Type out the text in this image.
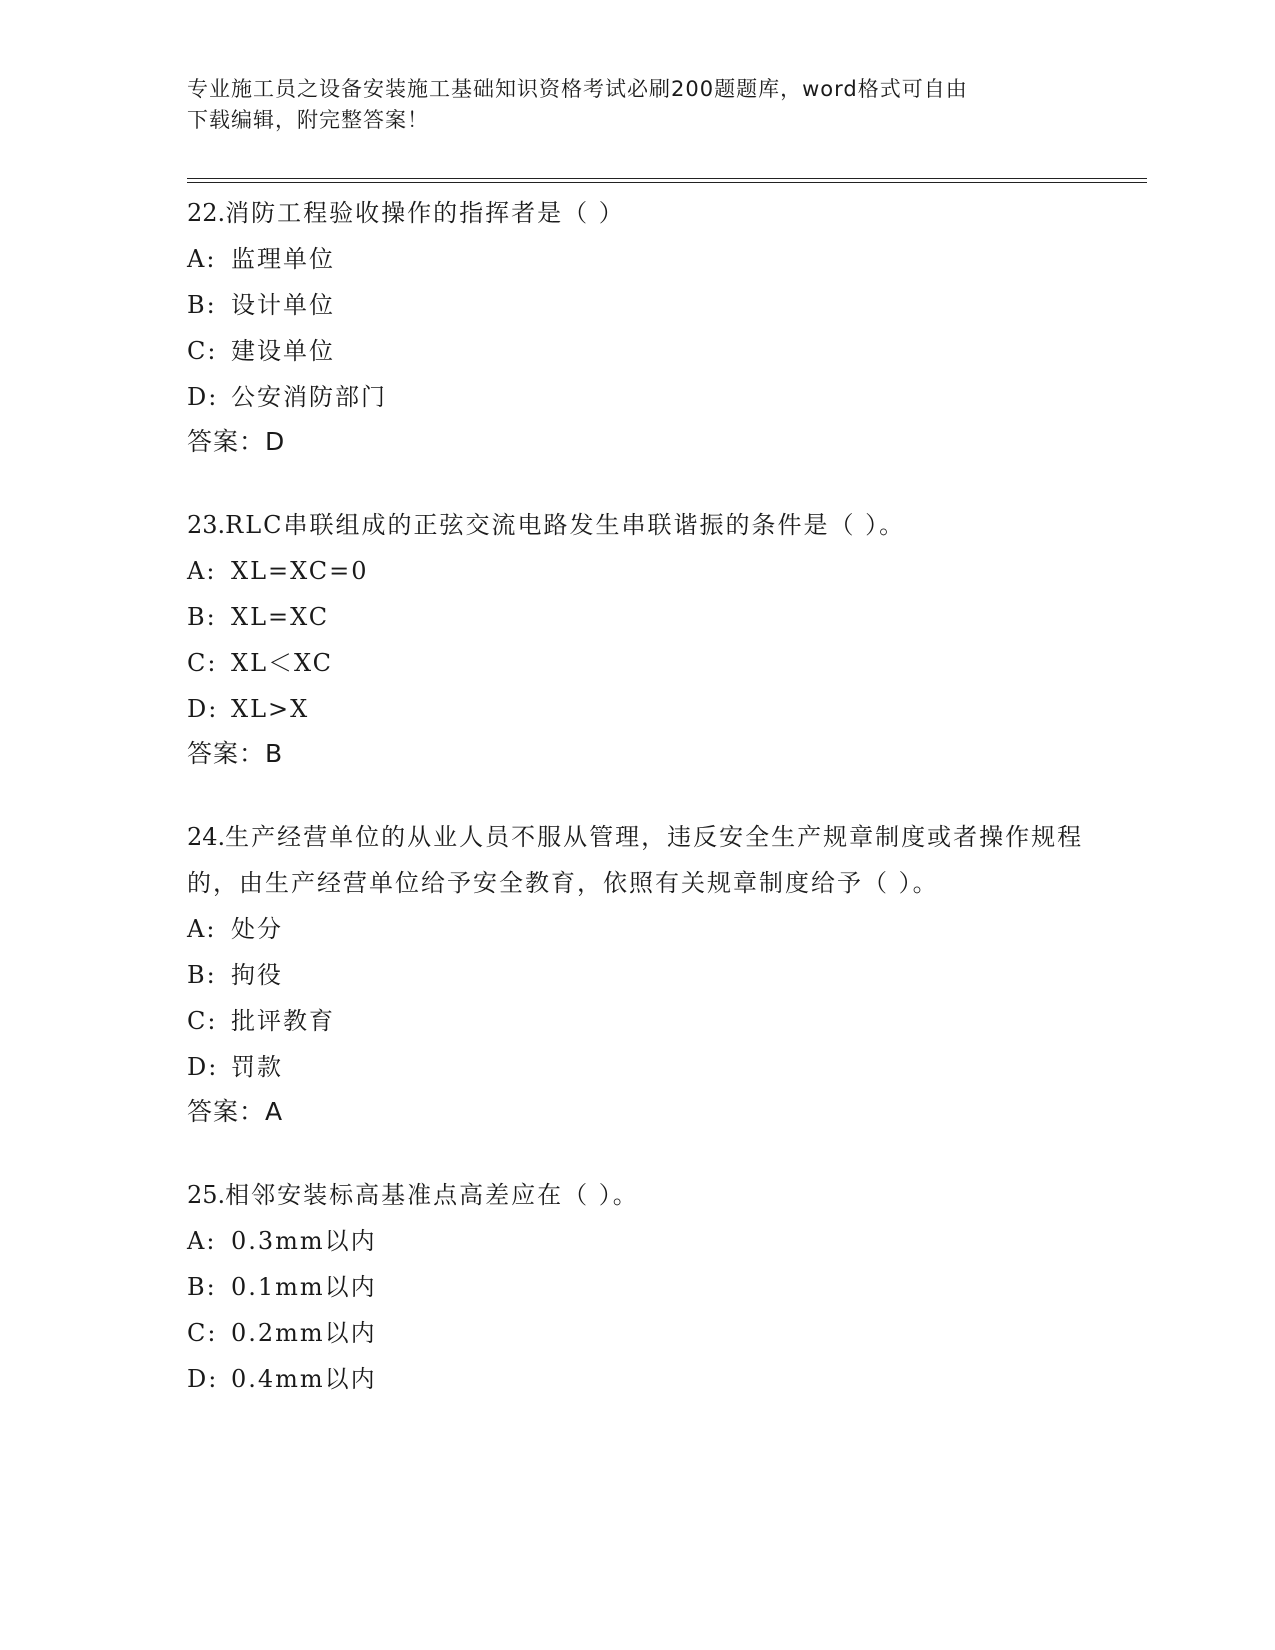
专业施工员之设备安装施工基础知识资格考试必刷200题题库，word格式可自由
下载编辑，附完整答案！
22.消防工程验收操作的指挥者是（ ）
A: 监理单位
B: 设计单位
C: 建设单位
D: 公安消防部门
答案：D
23.RLC串联组成的正弦交流电路发生串联谐振的条件是（ ）。
A: XL=XC=0
B: XL=XC
C: XL＜XC
D: XL>X
答案：B
24.生产经营单位的从业人员不服从管理，违反安全生产规章制度或者操作规程的，由生产经营单位给予安全教育，依照有关规章制度给予（ ）。
A: 处分
B: 拘役
C: 批评教育
D: 罚款
答案：A
25.相邻安装标高基准点高差应在（ ）。
A: 0.3mm以内
B: 0.1mm以内
C: 0.2mm以内
D: 0.4mm以内
